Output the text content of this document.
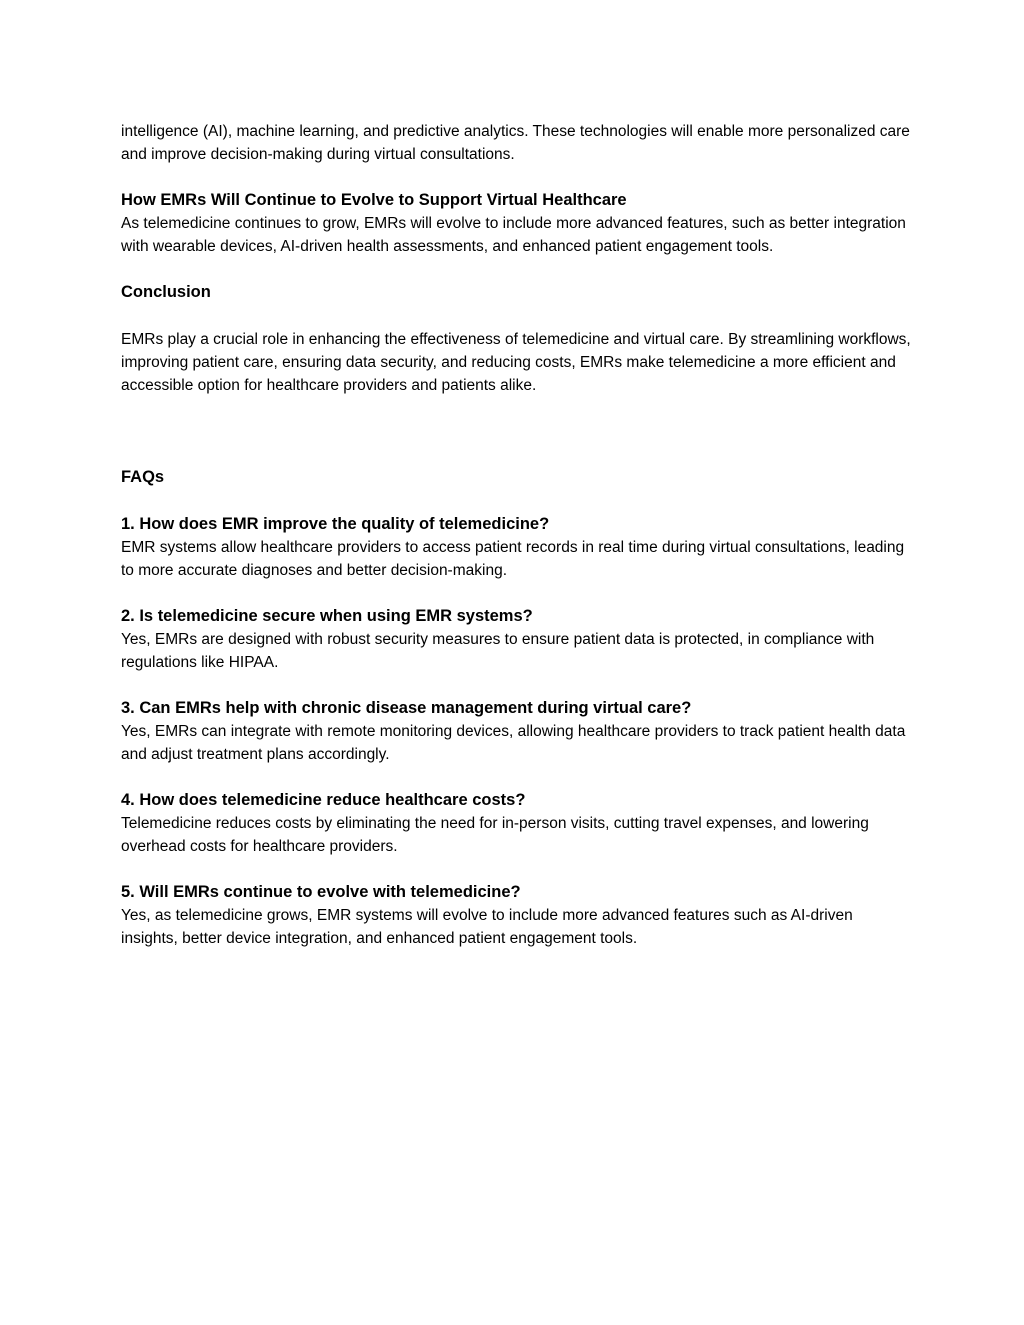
intelligence (AI), machine learning, and predictive analytics. These technologies will enable more personalized care and improve decision-making during virtual consultations.

How EMRs Will Continue to Evolve to Support Virtual Healthcare

As telemedicine continues to grow, EMRs will evolve to include more advanced features, such as better integration with wearable devices, AI-driven health assessments, and enhanced patient engagement tools.

Conclusion

EMRs play a crucial role in enhancing the effectiveness of telemedicine and virtual care. By streamlining workflows, improving patient care, ensuring data security, and reducing costs, EMRs make telemedicine a more efficient and accessible option for healthcare providers and patients alike.

FAQs

1. How does EMR improve the quality of telemedicine?

EMR systems allow healthcare providers to access patient records in real time during virtual consultations, leading to more accurate diagnoses and better decision-making.

2. Is telemedicine secure when using EMR systems?

Yes, EMRs are designed with robust security measures to ensure patient data is protected, in compliance with regulations like HIPAA.

3. Can EMRs help with chronic disease management during virtual care?

Yes, EMRs can integrate with remote monitoring devices, allowing healthcare providers to track patient health data and adjust treatment plans accordingly.

4. How does telemedicine reduce healthcare costs?

Telemedicine reduces costs by eliminating the need for in-person visits, cutting travel expenses, and lowering overhead costs for healthcare providers.

5. Will EMRs continue to evolve with telemedicine?

Yes, as telemedicine grows, EMR systems will evolve to include more advanced features such as AI-driven insights, better device integration, and enhanced patient engagement tools.
